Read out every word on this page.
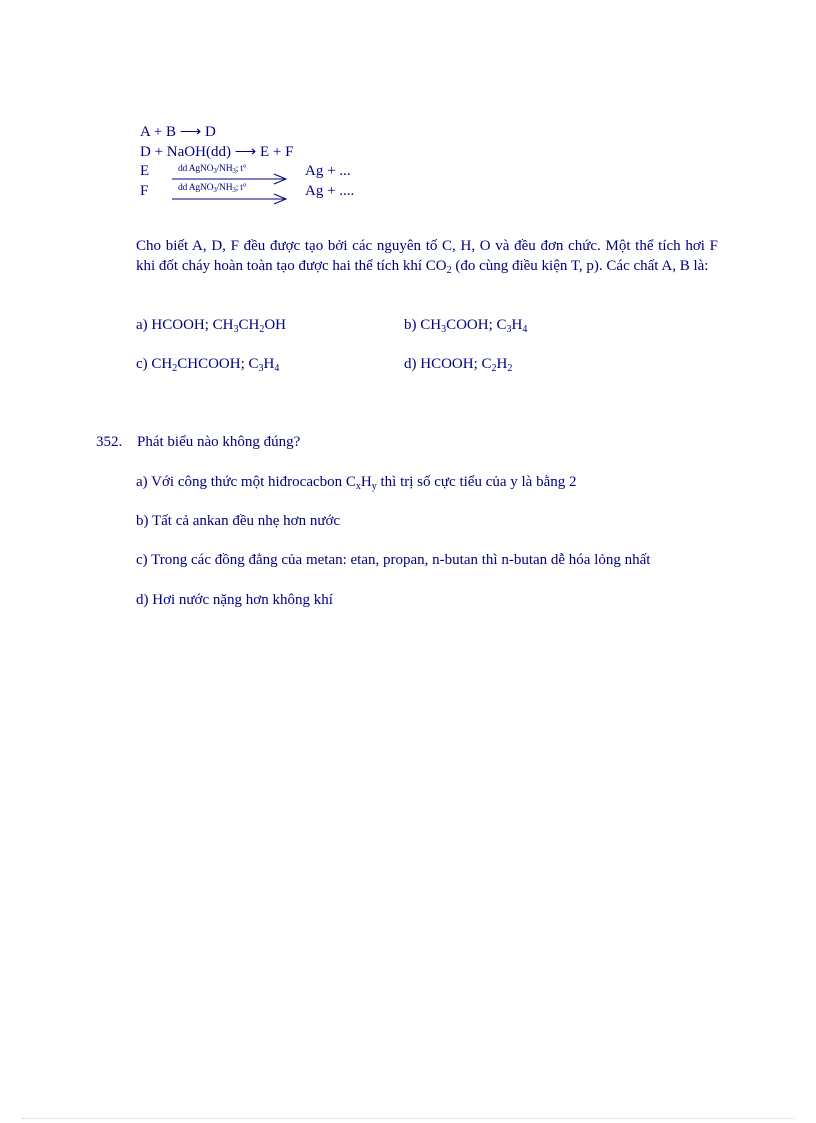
A + B ⟶ D
D + NaOH(dd) ⟶ E + F
E	dd $AgNO_3/NH_3$; t°	Ag + ...
F	dd $AgNO_3/NH_3$; t°	Ag + ....
Cho biết A, D, F đều được tạo bởi các nguyên tố C, H, O và đều đơn chức. Một thể tích hơi F khi đốt cháy hoàn toàn tạo được hai thể tích khí $CO_2$ (đo cùng điều kiện T, p). Các chất A, B là:
a) HCOOH; $CH_3CH_2OH$	b) $CH_3COOH$; $C_3H_4$
c) $CH_2CHCOOH$; $C_3H_4$	d) HCOOH; $C_2H_2$
352. Phát biểu nào không đúng?
a) Với công thức một hiđrocacbon $C_xH_y$ thì trị số cực tiểu của y là bằng 2
b) Tất cả ankan đều nhẹ hơn nước
c) Trong các đồng đẳng của metan: etan, propan, n-butan thì n-butan dễ hóa lỏng nhất
d) Hơi nước nặng hơn không khí
